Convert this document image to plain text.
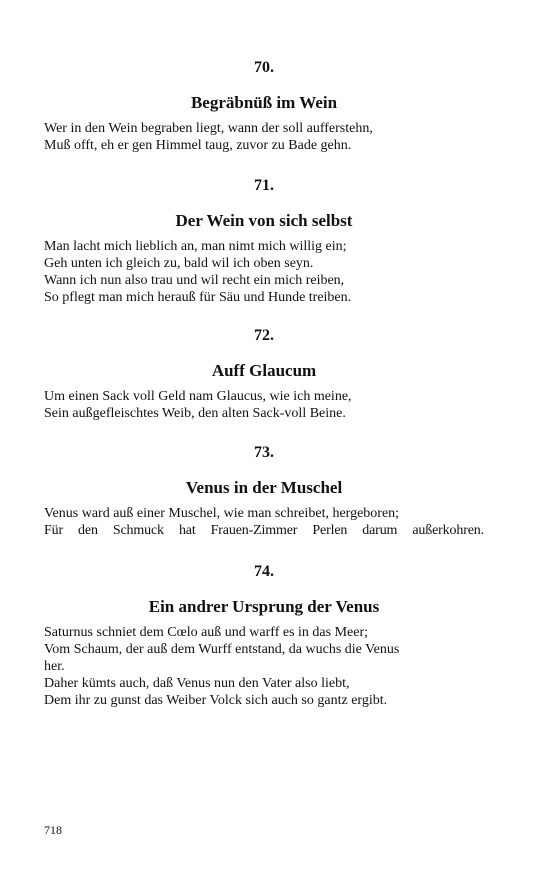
70.
Begräbnüß im Wein
Wer in den Wein begraben liegt, wann der soll aufferstehn,
Muß offt, eh er gen Himmel taug, zuvor zu Bade gehn.
71.
Der Wein von sich selbst
Man lacht mich lieblich an, man nimt mich willig ein;
Geh unten ich gleich zu, bald wil ich oben seyn.
Wann ich nun also trau und wil recht ein mich reiben,
So pflegt man mich herauß für Säu und Hunde treiben.
72.
Auff Glaucum
Um einen Sack voll Geld nam Glaucus, wie ich meine,
Sein außgefleischtes Weib, den alten Sack-voll Beine.
73.
Venus in der Muschel
Venus ward auß einer Muschel, wie man schreibet, hergeboren;
Für den Schmuck hat Frauen-Zimmer Perlen darum außerkohren.
74.
Ein andrer Ursprung der Venus
Saturnus schniet dem Cœlo auß und warff es in das Meer;
Vom Schaum, der auß dem Wurff entstand, da wuchs die Venus
her.
Daher kümts auch, daß Venus nun den Vater also liebt,
Dem ihr zu gunst das Weiber Volck sich auch so gantz ergibt.
718
